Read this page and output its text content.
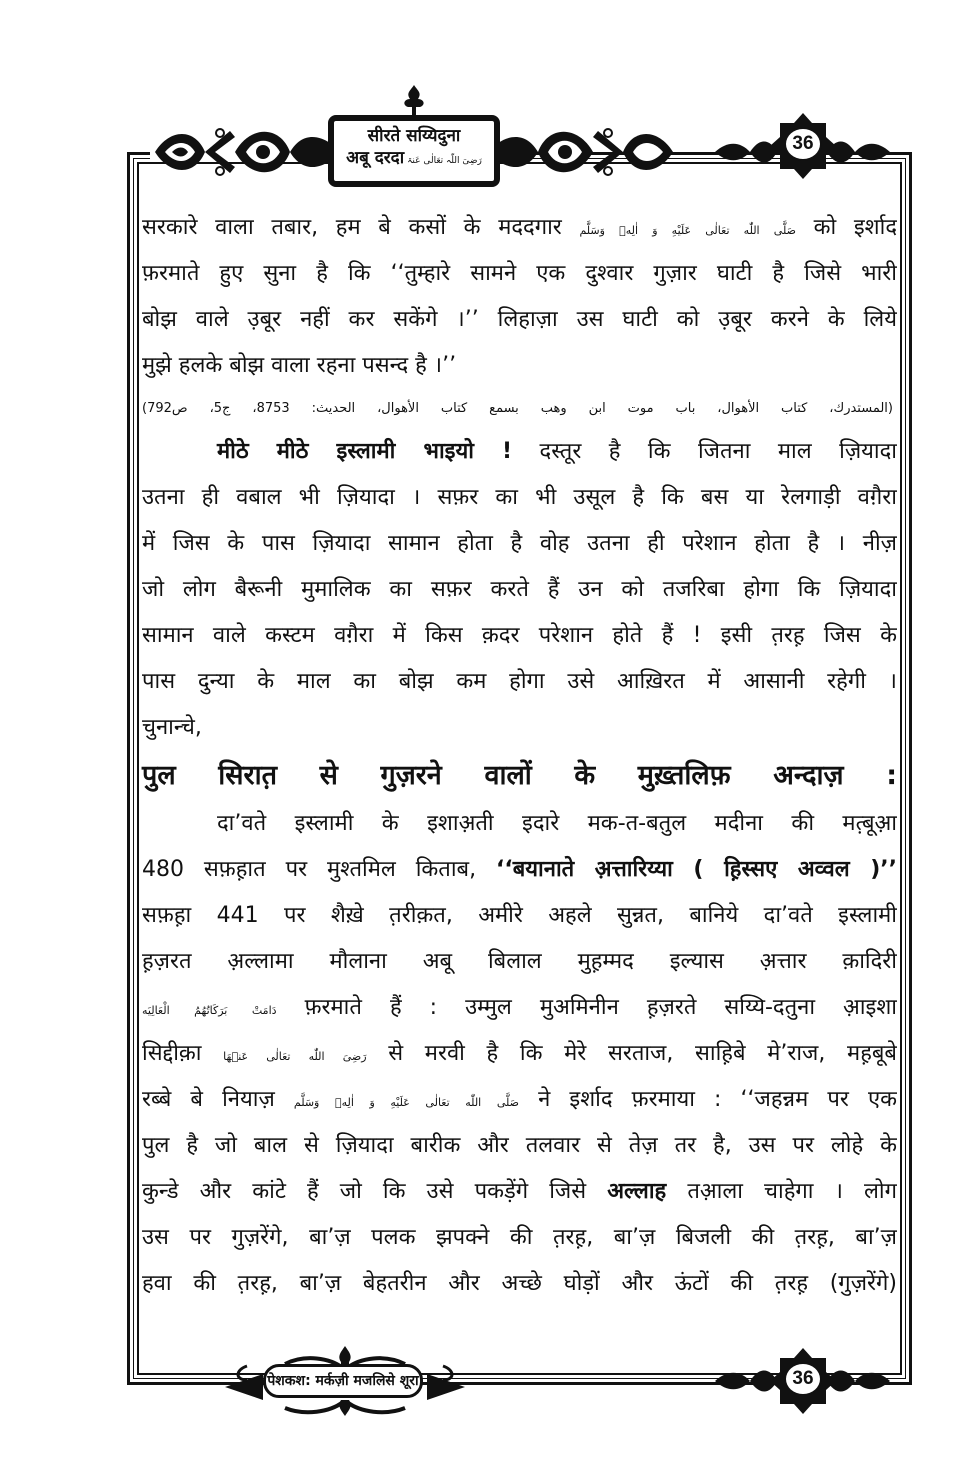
सीरते सय्यिदुना
अबू दरदा رَضِیَ اللّٰہ تعَالٰی عَنۃ
36
सरकारे वाला तबार, हम बे कसों के मददगार صَلَّى اللّٰه تعَالٰى عَلَيْهِ وَ اٰلِهٖ وَسَلَّم को इर्शाद
फ़रमाते हुए सुना है कि ‘‘तुम्हारे सामने एक दुश्वार गुज़ार घाटी है जिसे भारी
बोझ वाले उ़बूर नहीं कर सकेंगे ।’’ लिहाज़ा उस घाटी को उ़बूर करने के लिये
मुझे हलके बोझ वाला रहना पसन्द है ।’’
(المستدرك، كتاب الأهوال، باب موت ابن وهب بسمع كتاب الأهوال، الحديث: 8753، ج5، ص792)
मीठे मीठे इस्लामी भाइयो ! दस्तूर है कि जितना माल ज़ियादा
उतना ही वबाल भी ज़ियादा । सफ़र का भी उसूल है कि बस या रेलगाड़ी वग़ैरा
में जिस के पास ज़ियादा सामान होता है वोह उतना ही परेशान होता है । नीज़
जो लोग बैरूनी मुमालिक का सफ़र करते हैं उन को तजरिबा होगा कि ज़ियादा
सामान वाले कस्टम वग़ैरा में किस क़दर परेशान होते हैं ! इसी त़रह़ जिस के
पास दुन्या के माल का बोझ कम होगा उसे आख़िरत में आसानी रहेगी ।
चुनान्चे,
पुल सिरात़ से गुज़रने वालों के मुख़्तलिफ़ अन्दाज़ :
दा’वते इस्लामी के इशाअ़ती इदारे मक-त-बतुल मदीना की मत़्बूआ़
480 सफ़ह़ात पर मुश्तमिल किताब, ‘‘बयानाते अ़त्तारिय्या ( ह़िस्सए अव्वल )’’
सफ़ह़ा 441 पर शैख़े त़रीक़त, अमीरे अहले सुन्नत, बानिये दा’वते इस्लामी
ह़ज़रत अ़ल्लामा मौलाना अबू बिलाल मुह़म्मद इल्यास अ़त्तार क़ादिरी
دَامَتْ بَرَكَاتُهُمُ الْعَالِيَه फ़रमाते हैं : उम्मुल मुअमिनीन ह़ज़रते सय्यि-दतुना आ़इशा
सिद्दीक़ा رَضِىَ اللّٰه تعَالٰى عَنۡهَا से मरवी है कि मेरे सरताज, साह़िबे मे’राज, मह़बूबे
रब्बे बे नियाज़ صَلَّى اللّٰه تعَالٰى عَلَيْهِ وَ اٰلِهٖ وَسَلَّم ने इर्शाद फ़रमाया : ‘‘जहन्नम पर एक
पुल है जो बाल से ज़ियादा बारीक और तलवार से तेज़ तर है, उस पर लोहे के
कुन्डे और कांटे हैं जो कि उसे पकड़ेंगे जिसे अल्लाह तआ़ला चाहेगा । लोग
उस पर गुज़रेंगे, बा’ज़ पलक झपक्ने की त़रह़, बा’ज़ बिजली की त़रह़, बा’ज़
हवा की त़रह़, बा’ज़ बेहतरीन और अच्छे घोड़ों और ऊंटों की त़रह़ (गुज़रेंगे)
पेशकश: मर्कज़ी मजलिसे शूरा	36
